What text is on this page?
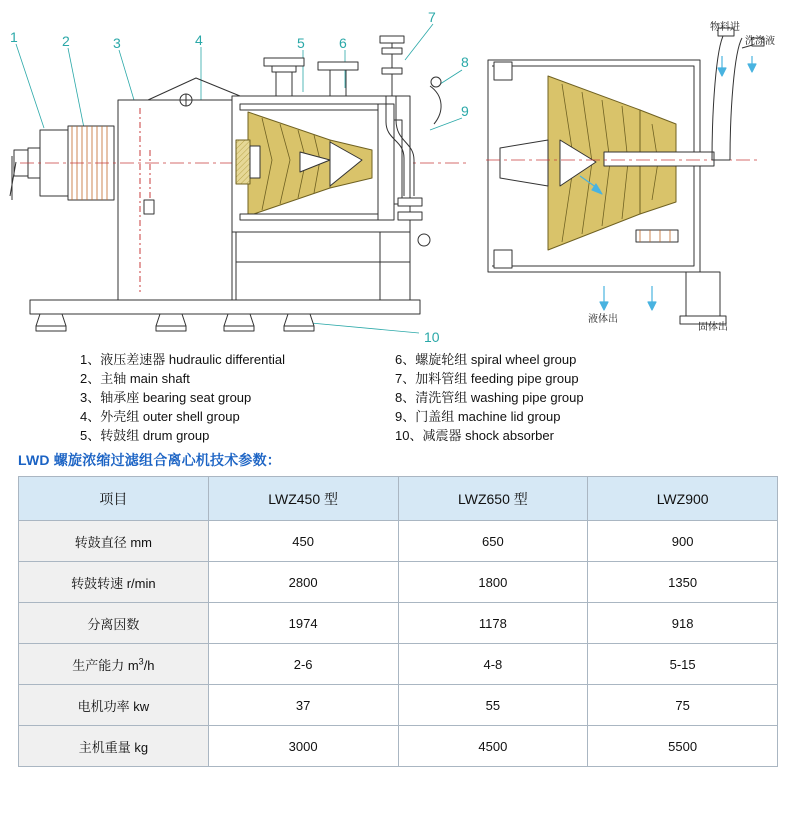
1	2	3	4	5 6
7
8
9
10
物料进
洗涤液
液体出
固体出
1、液压差速器 hudraulic differential
2、主轴 main shaft
3、轴承座 bearing seat group
4、外壳组 outer shell group
5、转鼓组 drum group
6、螺旋轮组 spiral wheel group
7、加料管组 feeding pipe group
8、清洗管组 washing pipe group
9、门盖组 machine lid group
10、减震器 shock absorber
LWD 螺旋浓缩过滤组合离心机技术参数：
项目	LWZ450 型	LWZ650 型	LWZ900
转鼓直径 mm	450	650	900
转鼓转速 r/min	2800	1800	1350
分离因数	1974	1178	918
生产能力 $m^3/h$	2-6	4-8	5-15
电机功率 kw	37	55	75
主机重量 kg	3000	4500	5500
